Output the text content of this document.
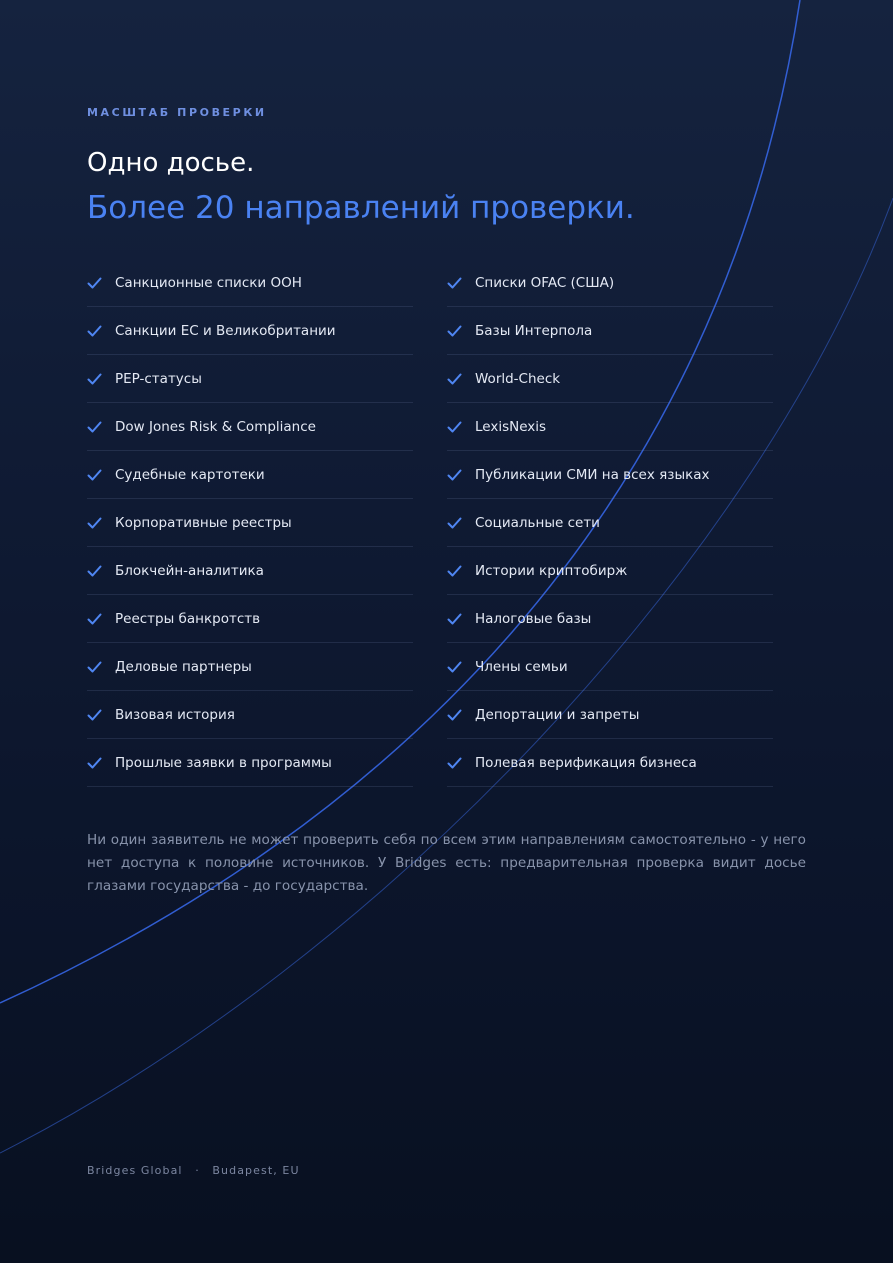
МАСШТАБ ПРОВЕРКИ
Одно досье.
Более 20 направлений проверки.
Санкционные списки ООН
Санкции ЕС и Великобритании
PEP-статусы
Dow Jones Risk & Compliance
Судебные картотеки
Корпоративные реестры
Блокчейн-аналитика
Реестры банкротств
Деловые партнеры
Визовая история
Прошлые заявки в программы
Списки OFAC (США)
Базы Интерпола
World-Check
LexisNexis
Публикации СМИ на всех языках
Социальные сети
Истории криптобирж
Налоговые базы
Члены семьи
Депортации и запреты
Полевая верификация бизнеса
Ни один заявитель не может проверить себя по всем этим направлениям самостоятельно - у него нет доступа к половине источников. У Bridges есть: предварительная проверка видит досье глазами государства - до государства.
Bridges Global · Budapest, EU
